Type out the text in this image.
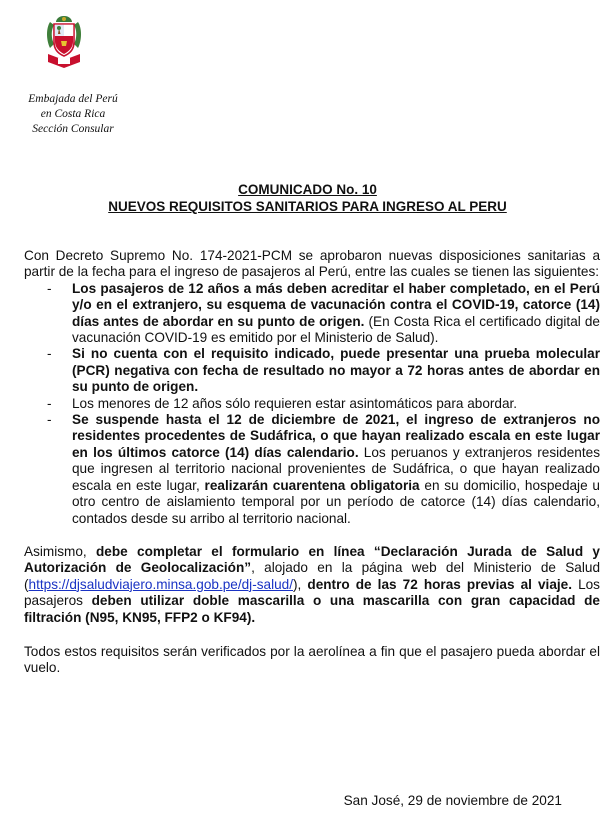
Embajada del Perú
en Costa Rica
Sección Consular
COMUNICADO No. 10
NUEVOS REQUISITOS SANITARIOS PARA INGRESO AL PERU

Con Decreto Supremo No. 174-2021-PCM se aprobaron nuevas disposiciones sanitarias a partir de la fecha para el ingreso de pasajeros al Perú, entre las cuales se tienen las siguientes:

- Los pasajeros de 12 años a más deben acreditar el haber completado, en el Perú y/o en el extranjero, su esquema de vacunación contra el COVID-19, catorce (14) días antes de abordar en su punto de origen. (En Costa Rica el certificado digital de vacunación COVID-19 es emitido por el Ministerio de Salud).
- Si no cuenta con el requisito indicado, puede presentar una prueba molecular (PCR) negativa con fecha de resultado no mayor a 72 horas antes de abordar en su punto de origen.
- Los menores de 12 años sólo requieren estar asintomáticos para abordar.
- Se suspende hasta el 12 de diciembre de 2021, el ingreso de extranjeros no residentes procedentes de Sudáfrica, o que hayan realizado escala en este lugar en los últimos catorce (14) días calendario. Los peruanos y extranjeros residentes que ingresen al territorio nacional provenientes de Sudáfrica, o que hayan realizado escala en este lugar, realizarán cuarentena obligatoria en su domicilio, hospedaje u otro centro de aislamiento temporal por un período de catorce (14) días calendario, contados desde su arribo al territorio nacional.

Asimismo, debe completar el formulario en línea “Declaración Jurada de Salud y Autorización de Geolocalización”, alojado en la página web del Ministerio de Salud (https://djsaludviajero.minsa.gob.pe/dj-salud/), dentro de las 72 horas previas al viaje. Los pasajeros deben utilizar doble mascarilla o una mascarilla con gran capacidad de filtración (N95, KN95, FFP2 o KF94).

Todos estos requisitos serán verificados por la aerolínea a fin que el pasajero pueda abordar el vuelo.

San José, 29 de noviembre de 2021
